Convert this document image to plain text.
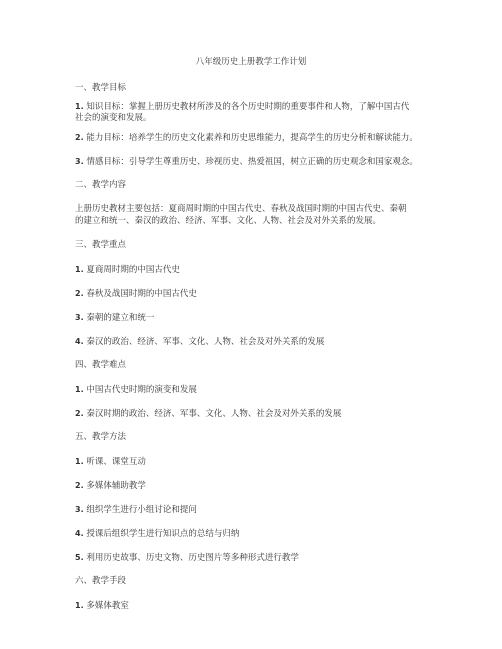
八年级历史上册教学工作计划
一、教学目标
1. 知识目标：掌握上册历史教材所涉及的各个历史时期的重要事件和人物，了解中国古代
社会的演变和发展。
2. 能力目标：培养学生的历史文化素养和历史思维能力，提高学生的历史分析和解读能力。
3. 情感目标：引导学生尊重历史、珍视历史、热爱祖国，树立正确的历史观念和国家观念。
二、教学内容
上册历史教材主要包括：夏商周时期的中国古代史、春秋及战国时期的中国古代史、秦朝
的建立和统一、秦汉的政治、经济、军事、文化、人物、社会及对外关系的发展。
三、教学重点
1. 夏商周时期的中国古代史
2. 春秋及战国时期的中国古代史
3. 秦朝的建立和统一
4. 秦汉的政治、经济、军事、文化、人物、社会及对外关系的发展
四、教学难点
1. 中国古代史时期的演变和发展
2. 秦汉时期的政治、经济、军事、文化、人物、社会及对外关系的发展
五、教学方法
1. 听课、课堂互动
2. 多媒体辅助教学
3. 组织学生进行小组讨论和提问
4. 授课后组织学生进行知识点的总结与归纳
5. 利用历史故事、历史文物、历史图片等多种形式进行教学
六、教学手段
1. 多媒体教室
